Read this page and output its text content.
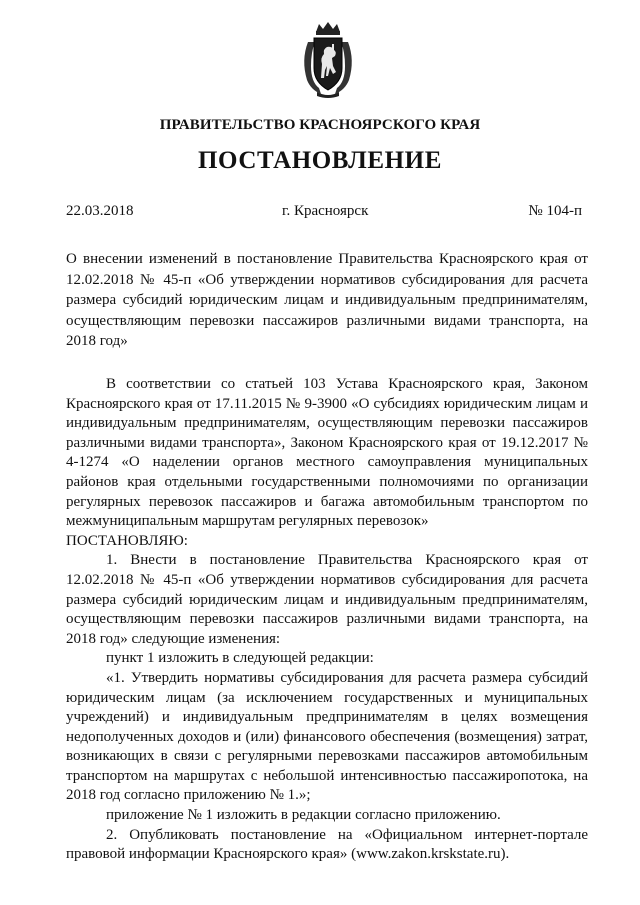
ПРАВИТЕЛЬСТВО КРАСНОЯРСКОГО КРАЯ
ПОСТАНОВЛЕНИЕ
22.03.2018	г. Красноярск	№ 104-п
О внесении изменений в постановление Правительства Красноярского края от 12.02.2018 № 45-п «Об утверждении нормативов субсидирования для расчета размера субсидий юридическим лицам и индивидуальным предпринимателям, осуществляющим перевозки пассажиров различными видами транспорта, на 2018 год»

В соответствии со статьей 103 Устава Красноярского края, Законом Красноярского края от 17.11.2015 № 9-3900 «О субсидиях юридическим лицам и индивидуальным предпринимателям, осуществляющим перевозки пассажиров различными видами транспорта», Законом Красноярского края от 19.12.2017 № 4-1274 «О наделении органов местного самоуправления муниципальных районов края отдельными государственными полномочиями по организации регулярных перевозок пассажиров и багажа автомобильным транспортом по межмуниципальным маршрутам регулярных перевозок»

ПОСТАНОВЛЯЮ:

1. Внести в постановление Правительства Красноярского края от 12.02.2018 № 45-п «Об утверждении нормативов субсидирования для расчета размера субсидий юридическим лицам и индивидуальным предпринимателям, осуществляющим перевозки пассажиров различными видами транспорта, на 2018 год» следующие изменения:

пункт 1 изложить в следующей редакции:

«1. Утвердить нормативы субсидирования для расчета размера субсидий юридическим лицам (за исключением государственных и муниципальных учреждений) и индивидуальным предпринимателям в целях возмещения недополученных доходов и (или) финансового обеспечения (возмещения) затрат, возникающих в связи с регулярными перевозками пассажиров автомобильным транспортом на маршрутах с небольшой интенсивностью пассажиропотока, на 2018 год согласно приложению № 1.»;

приложение № 1 изложить в редакции согласно приложению.

2. Опубликовать постановление на «Официальном интернет-портале правовой информации Красноярского края» (www.zakon.krskstate.ru).
